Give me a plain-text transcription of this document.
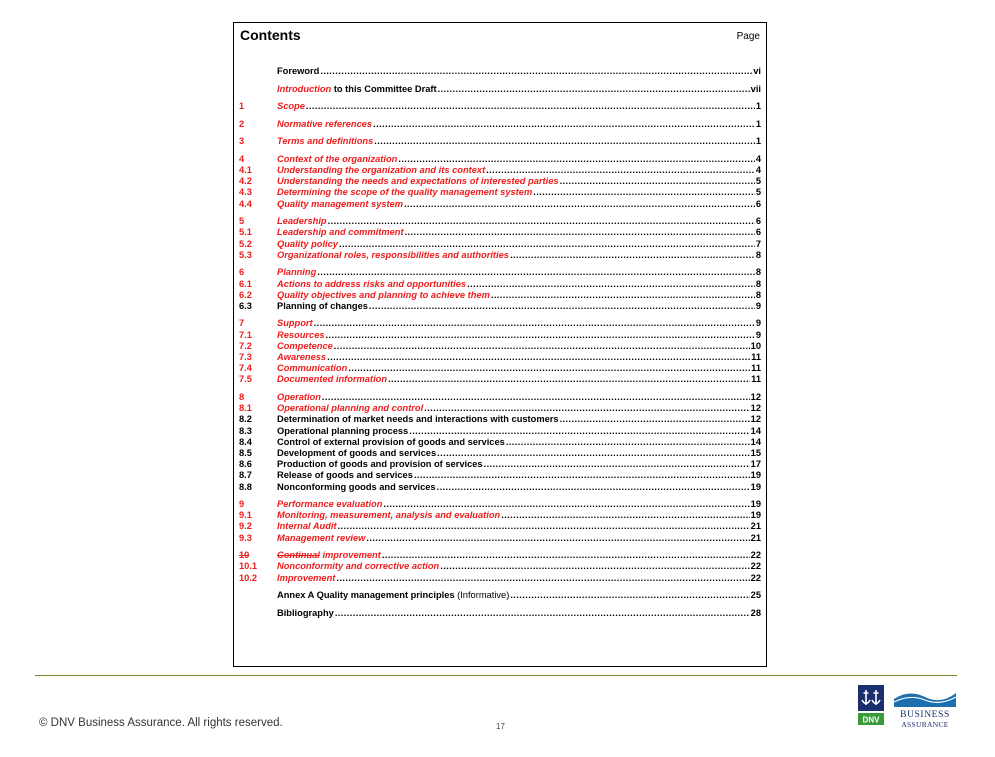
Contents	Page
Foreword .....	vi
Introduction to this Committee Draft .....	vii
1	Scope .....	1
2	Normative references .....	1
3	Terms and definitions .....	1
4	Context of the organization .....	4
4.1	Understanding the organization and its context .....	4
4.2	Understanding the needs and expectations of interested parties .....	5
4.3	Determining the scope of the quality management system .....	5
4.4	Quality management system .....	6
5	Leadership .....	6
5.1	Leadership and commitment .....	6
5.2	Quality policy .....	7
5.3	Organizational roles, responsibilities and authorities .....	8
6	Planning .....	8
6.1	Actions to address risks and opportunities .....	8
6.2	Quality objectives and planning to achieve them .....	8
6.3	Planning of changes .....	9
7	Support .....	9
7.1	Resources .....	9
7.2	Competence .....	10
7.3	Awareness .....	11
7.4	Communication .....	11
7.5	Documented information .....	11
8	Operation .....	12
8.1	Operational planning and control .....	12
8.2	Determination of market needs and interactions with customers .....	12
8.3	Operational planning process .....	14
8.4	Control of external provision of goods and services .....	14
8.5	Development of goods and services .....	15
8.6	Production of goods and provision of services .....	17
8.7	Release of goods and services .....	19
8.8	Nonconforming goods and services .....	19
9	Performance evaluation .....	19
9.1	Monitoring, measurement, analysis and evaluation .....	19
9.2	Internal Audit .....	21
9.3	Management review .....	21
10	Continual improvement .....	22
10.1	Nonconformity and corrective action .....	22
10.2	Improvement .....	22
Annex A Quality management principles (Informative) .....	25
Bibliography .....	28
© DNV Business Assurance. All rights reserved.	17
DNV	BUSINESS
ASSURANCE
